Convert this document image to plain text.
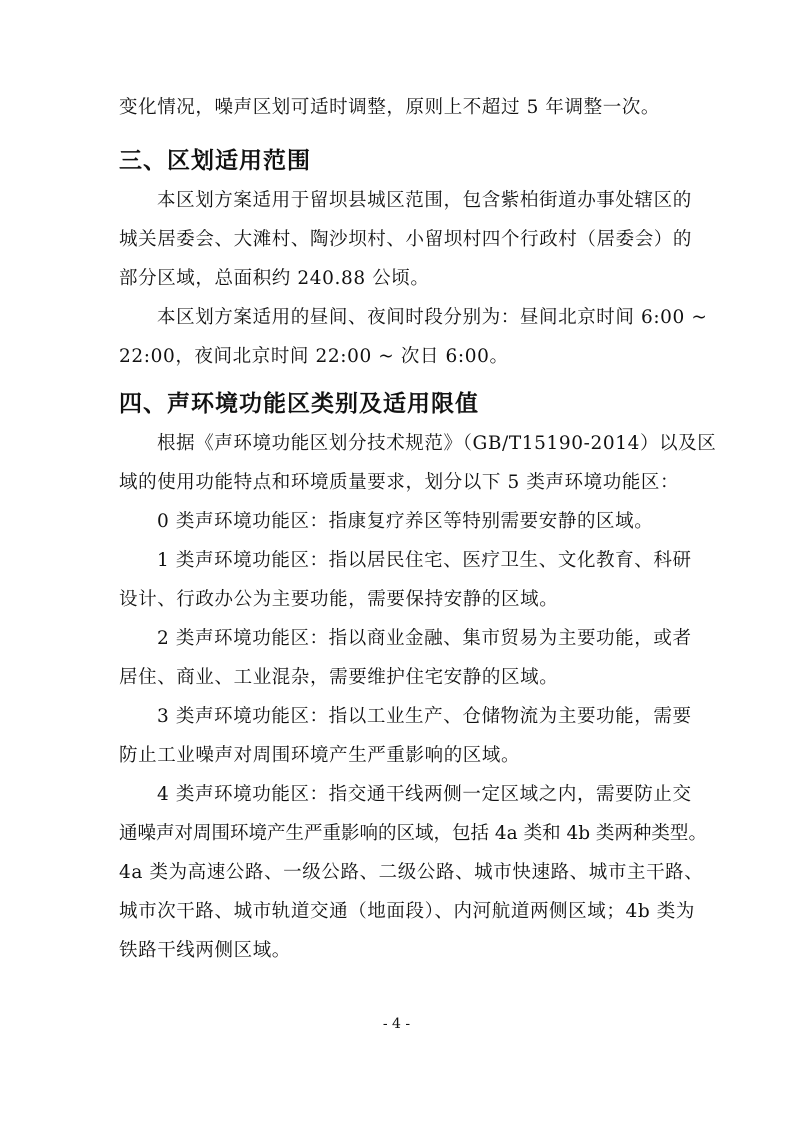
变化情况，噪声区划可适时调整，原则上不超过 5 年调整一次。
三、区划适用范围
本区划方案适用于留坝县城区范围，包含紫柏街道办事处辖区的
城关居委会、大滩村、陶沙坝村、小留坝村四个行政村（居委会）的
部分区域，总面积约 240.88 公顷。
本区划方案适用的昼间、夜间时段分别为：昼间北京时间 6:00 ~
22:00，夜间北京时间 22:00 ~ 次日 6:00。
四、声环境功能区类别及适用限值
根据《声环境功能区划分技术规范》（GB/T15190-2014）以及区
域的使用功能特点和环境质量要求，划分以下 5 类声环境功能区：
0 类声环境功能区：指康复疗养区等特别需要安静的区域。
1 类声环境功能区：指以居民住宅、医疗卫生、文化教育、科研
设计、行政办公为主要功能，需要保持安静的区域。
2 类声环境功能区：指以商业金融、集市贸易为主要功能，或者
居住、商业、工业混杂，需要维护住宅安静的区域。
3 类声环境功能区：指以工业生产、仓储物流为主要功能，需要
防止工业噪声对周围环境产生严重影响的区域。
4 类声环境功能区：指交通干线两侧一定区域之内，需要防止交
通噪声对周围环境产生严重影响的区域，包括 4a 类和 4b 类两种类型。
4a 类为高速公路、一级公路、二级公路、城市快速路、城市主干路、
城市次干路、城市轨道交通（地面段）、内河航道两侧区域；4b 类为
铁路干线两侧区域。
- 4 -
